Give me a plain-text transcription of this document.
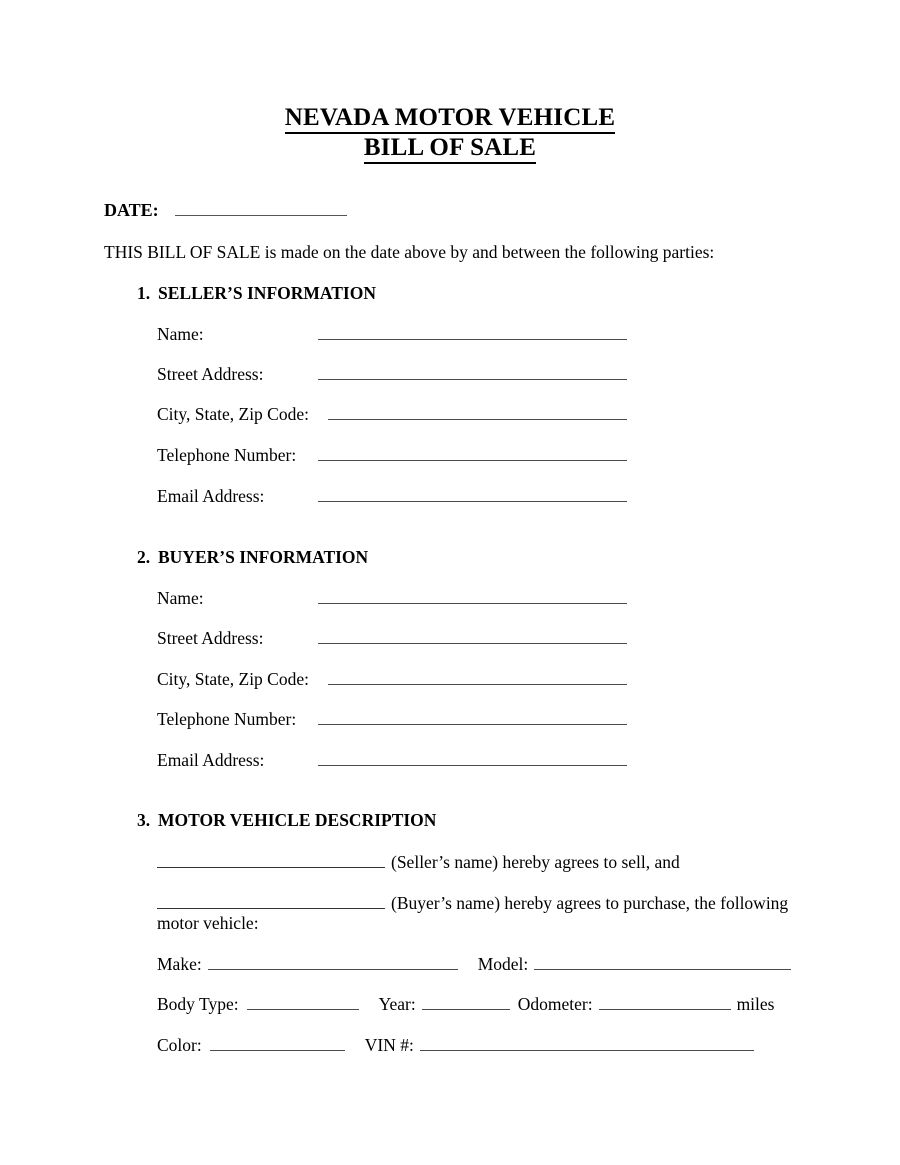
NEVADA MOTOR VEHICLE
BILL OF SALE
DATE:
THIS BILL OF SALE is made on the date above by and between the following parties:
1. SELLER’S INFORMATION
Name:
Street Address:
City, State, Zip Code:
Telephone Number:
Email Address:
2. BUYER’S INFORMATION
Name:
Street Address:
City, State, Zip Code:
Telephone Number:
Email Address:
3. MOTOR VEHICLE DESCRIPTION
(Seller’s name) hereby agrees to sell, and
(Buyer’s name) hereby agrees to purchase, the following
motor vehicle:
Make:	Model:
Body Type:	Year:	Odometer:	miles
Color:	VIN #:
